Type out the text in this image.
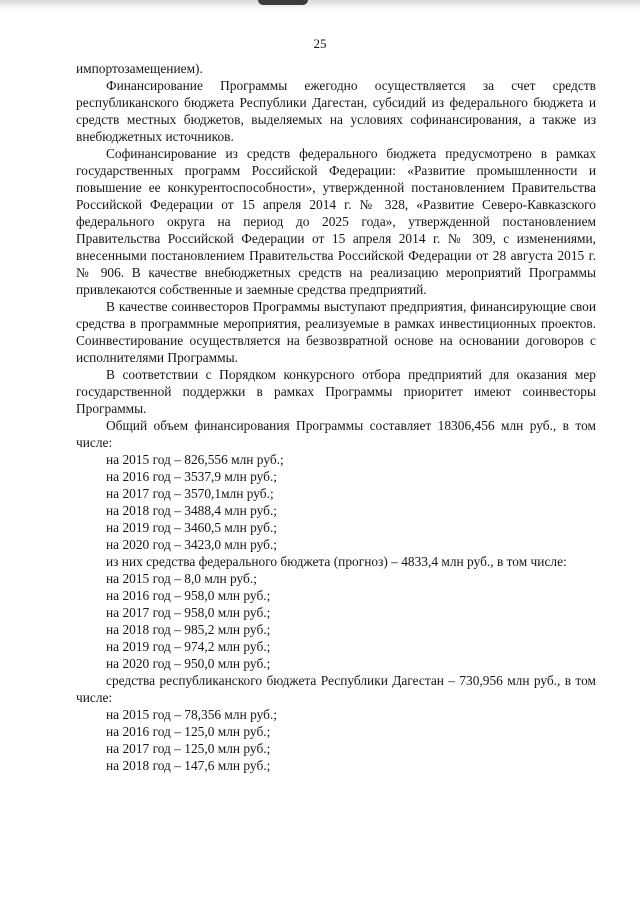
25

импортозамещением).

Финансирование Программы ежегодно осуществляется за счет средств республиканского бюджета Республики Дагестан, субсидий из федерального бюджета и средств местных бюджетов, выделяемых на условиях софинансирования, а также из внебюджетных источников.

Софинансирование из средств федерального бюджета предусмотрено в рамках государственных программ Российской Федерации: «Развитие промышленности и повышение ее конкурентоспособности», утвержденной постановлением Правительства Российской Федерации от 15 апреля 2014 г. № 328, «Развитие Северо-Кавказского федерального округа на период до 2025 года», утвержденной постановлением Правительства Российской Федерации от 15 апреля 2014 г. № 309, с изменениями, внесенными постановлением Правительства Российской Федерации от 28 августа 2015 г. № 906. В качестве внебюджетных средств на реализацию мероприятий Программы привлекаются собственные и заемные средства предприятий.

В качестве соинвесторов Программы выступают предприятия, финансирующие свои средства в программные мероприятия, реализуемые в рамках инвестиционных проектов. Соинвестирование осуществляется на безвозвратной основе на основании договоров с исполнителями Программы.

В соответствии с Порядком конкурсного отбора предприятий для оказания мер государственной поддержки в рамках Программы приоритет имеют соинвесторы Программы.

Общий объем финансирования Программы составляет 18306,456 млн руб., в том числе:

на 2015 год – 826,556 млн руб.;
на 2016 год – 3537,9 млн руб.;
на 2017 год – 3570,1млн руб.;
на 2018 год – 3488,4 млн руб.;
на 2019 год – 3460,5 млн руб.;
на 2020 год – 3423,0 млн руб.;

из них средства федерального бюджета (прогноз) – 4833,4 млн руб., в том числе:

на 2015 год – 8,0 млн руб.;
на 2016 год – 958,0 млн руб.;
на 2017 год – 958,0 млн руб.;
на 2018 год – 985,2 млн руб.;
на 2019 год – 974,2 млн руб.;
на 2020 год – 950,0 млн руб.;

средства республиканского бюджета Республики Дагестан – 730,956 млн руб., в том числе:

на 2015 год – 78,356 млн руб.;
на 2016 год – 125,0 млн руб.;
на 2017 год – 125,0 млн руб.;
на 2018 год – 147,6 млн руб.;
